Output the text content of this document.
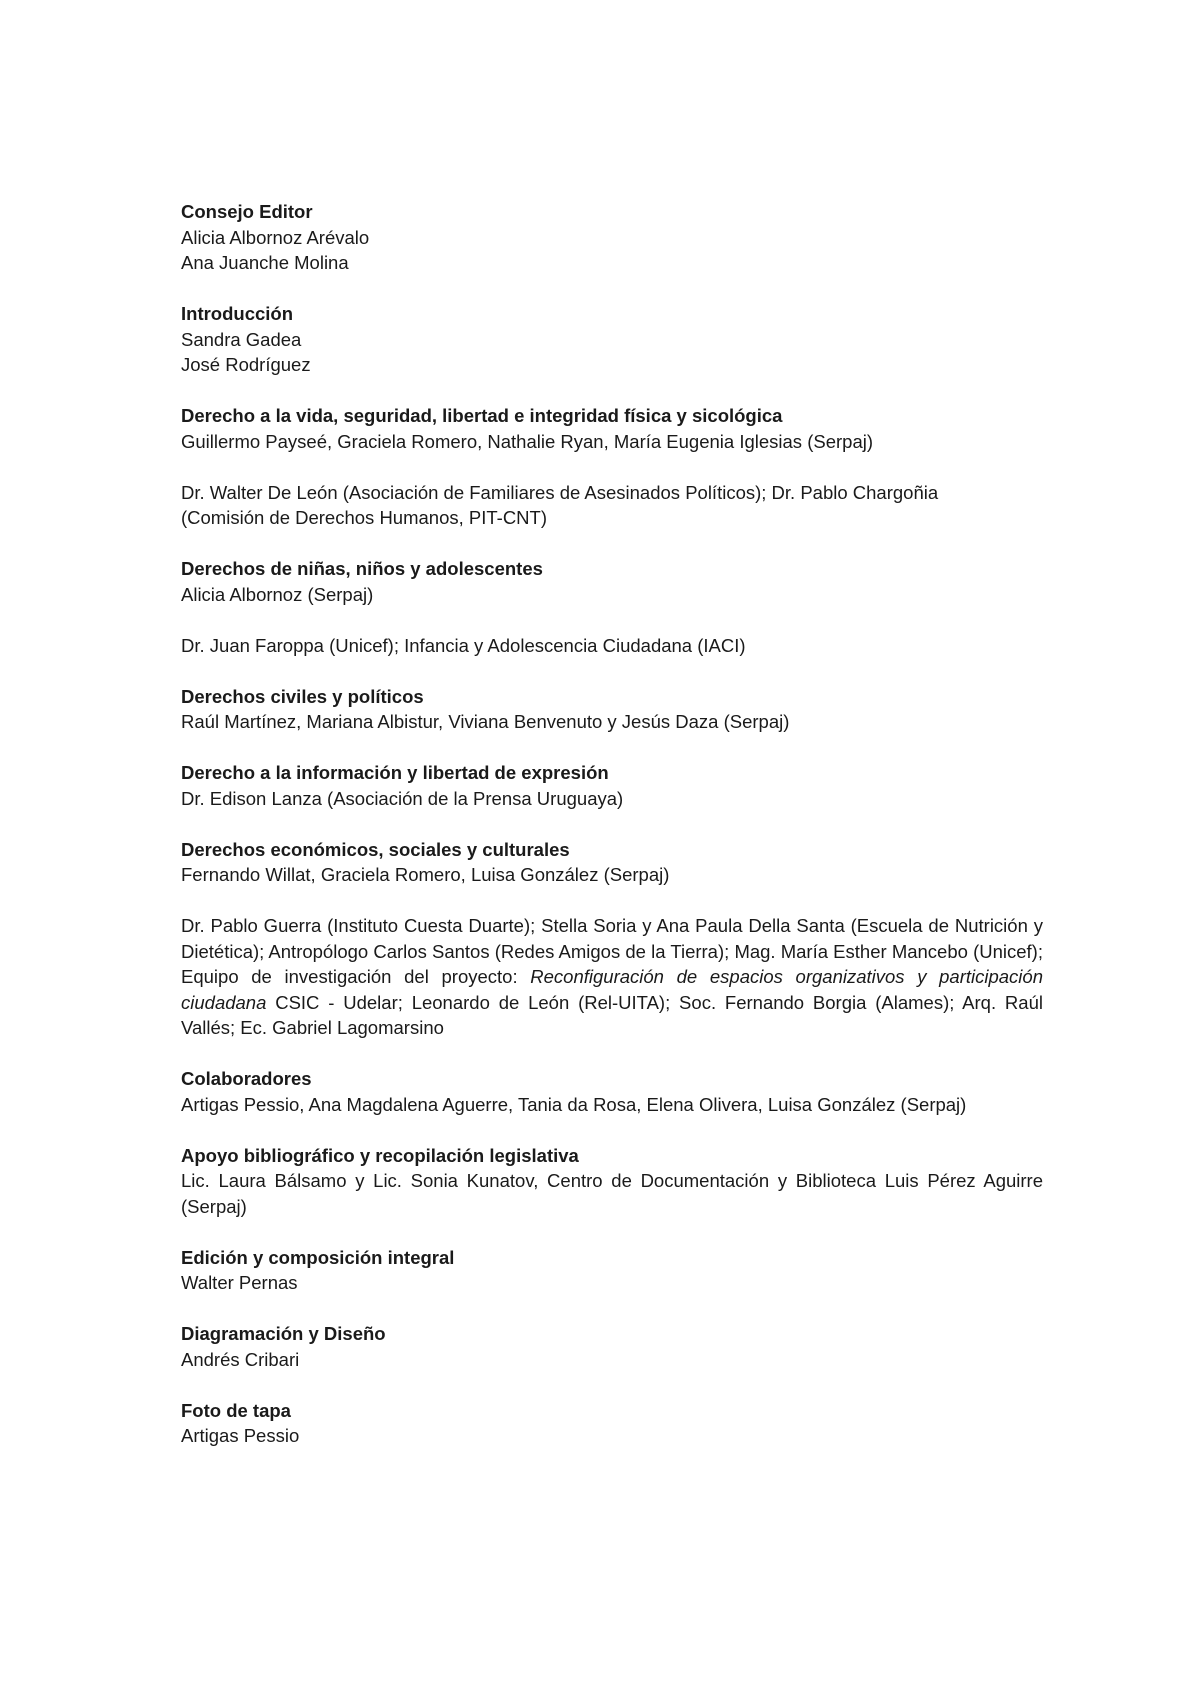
Consejo Editor
Alicia Albornoz Arévalo
Ana Juanche Molina
Introducción
Sandra Gadea
José Rodríguez
Derecho a la vida, seguridad, libertad e integridad física y sicológica
Guillermo Payseé, Graciela Romero, Nathalie Ryan, María Eugenia Iglesias (Serpaj)
Dr. Walter De León (Asociación de Familiares de Asesinados Políticos); Dr. Pablo Chargoñia
(Comisión de Derechos Humanos, PIT-CNT)
Derechos de niñas, niños y adolescentes
Alicia Albornoz (Serpaj)
Dr. Juan Faroppa (Unicef); Infancia y Adolescencia Ciudadana (IACI)
Derechos civiles y políticos
Raúl Martínez, Mariana Albistur, Viviana Benvenuto y Jesús Daza (Serpaj)
Derecho a la información y libertad de expresión
Dr. Edison Lanza (Asociación de la Prensa Uruguaya)
Derechos económicos, sociales y culturales
Fernando Willat, Graciela Romero, Luisa González (Serpaj)
Dr. Pablo Guerra (Instituto Cuesta Duarte); Stella Soria y Ana Paula Della Santa (Escuela de Nutrición y Dietética); Antropólogo Carlos Santos (Redes Amigos de la Tierra); Mag. María Esther Mancebo (Unicef); Equipo de investigación del proyecto: Reconfiguración de espacios organizativos y participación ciudadana CSIC - Udelar; Leonardo de León (Rel-UITA); Soc. Fernando Borgia (Alames); Arq. Raúl Vallés; Ec. Gabriel Lagomarsino
Colaboradores
Artigas Pessio, Ana Magdalena Aguerre, Tania da Rosa, Elena Olivera, Luisa González (Serpaj)
Apoyo bibliográfico y recopilación legislativa
Lic. Laura Bálsamo y Lic. Sonia Kunatov, Centro de Documentación y Biblioteca Luis Pérez Aguirre (Serpaj)
Edición y composición integral
Walter Pernas
Diagramación y Diseño
Andrés Cribari
Foto de tapa
Artigas Pessio
